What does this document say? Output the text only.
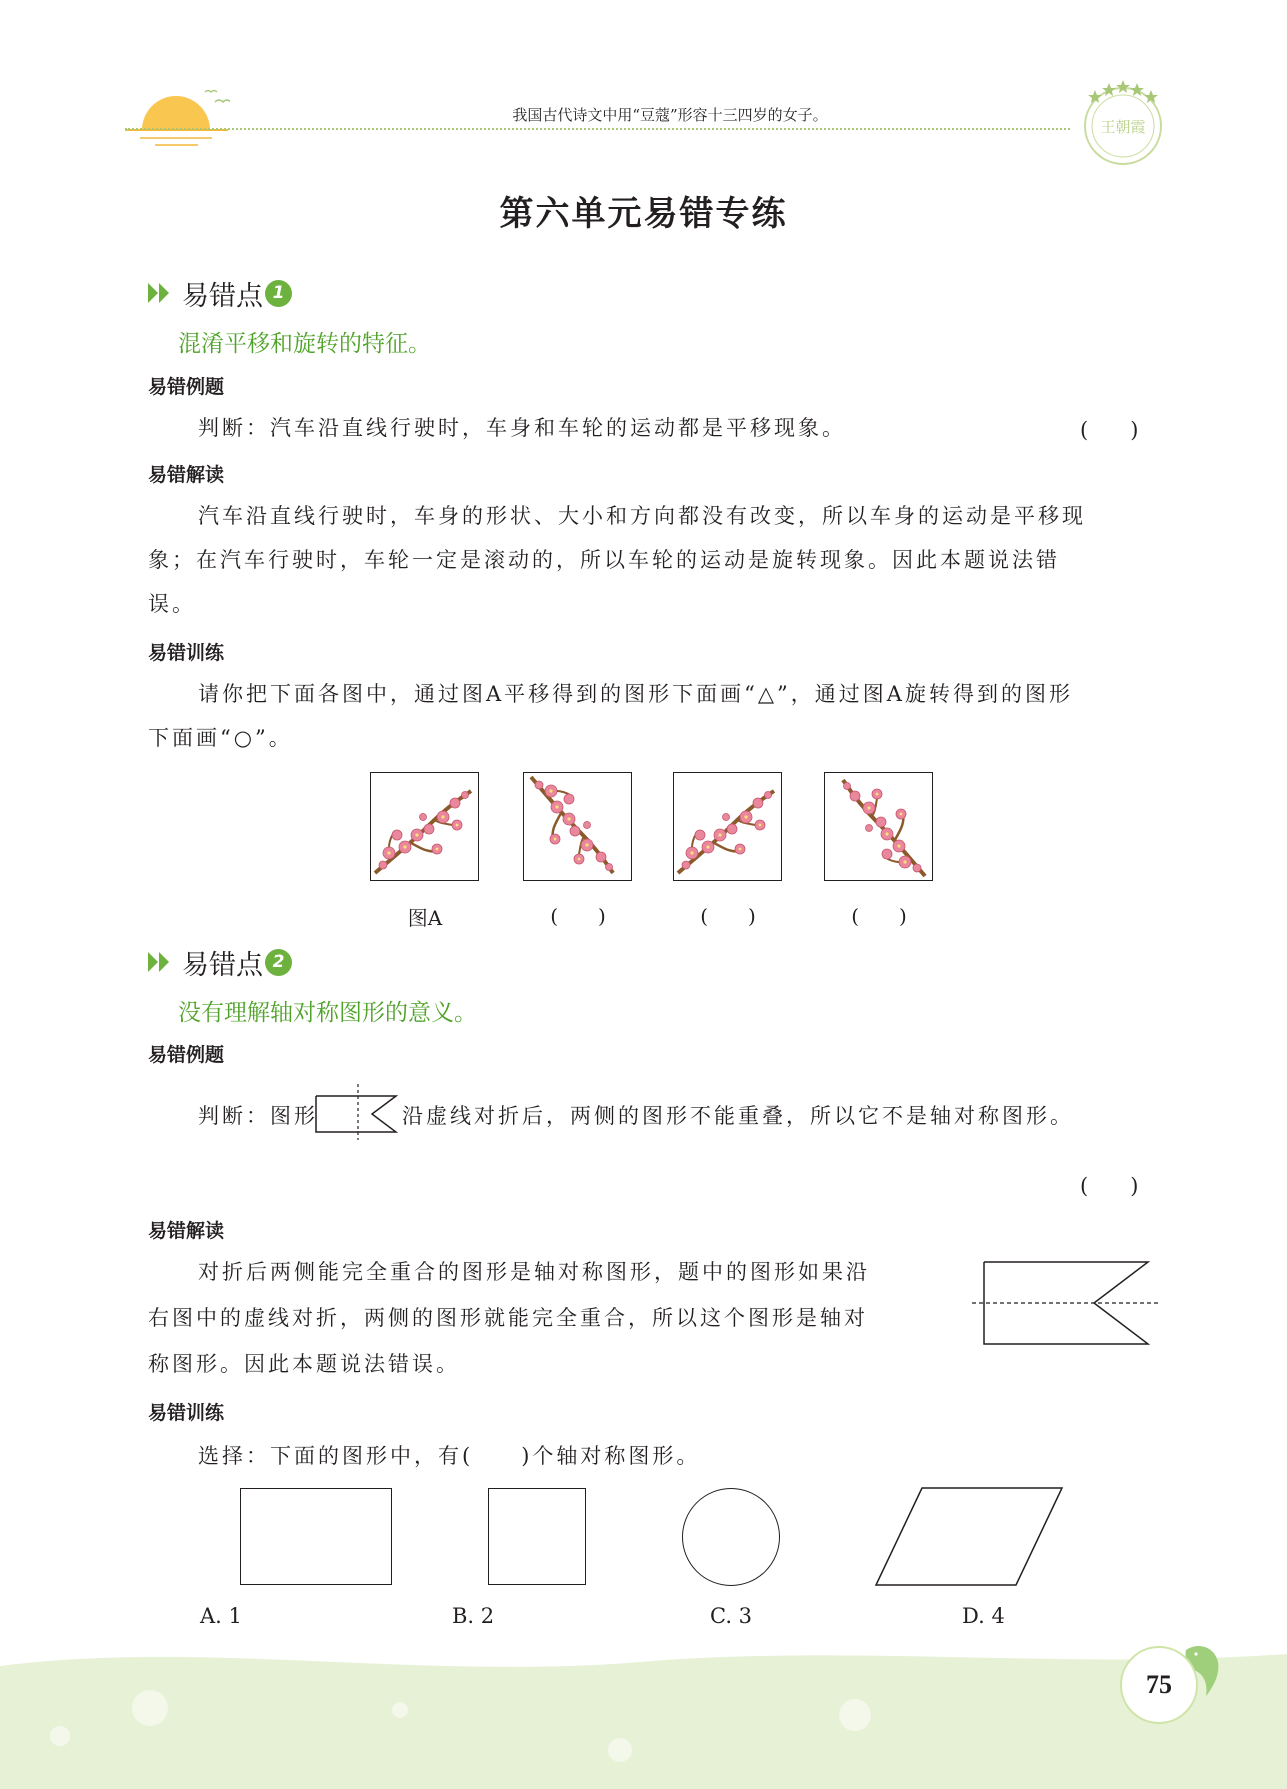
我国古代诗文中用“豆蔻”形容十三四岁的女子。
王朝霞
第六单元易错专练
易错点 1
混淆平移和旋转的特征。
易错例题
判断：汽车沿直线行驶时，车身和车轮的运动都是平移现象。	(　　)
易错解读
汽车沿直线行驶时，车身的形状、大小和方向都没有改变，所以车身的运动是平移现
象；在汽车行驶时，车轮一定是滚动的，所以车轮的运动是旋转现象。因此本题说法错
误。
易错训练
请你把下面各图中，通过图A平移得到的图形下面画“△”，通过图A旋转得到的图形
下面画“○”。
图A	(　　)	(　　)	(　　)
易错点 2
没有理解轴对称图形的意义。
易错例题
判断：图形	沿虚线对折后，两侧的图形不能重叠，所以它不是轴对称图形。
(　　)
易错解读
对折后两侧能完全重合的图形是轴对称图形，题中的图形如果沿
右图中的虚线对折，两侧的图形就能完全重合，所以这个图形是轴对
称图形。因此本题说法错误。
易错训练
选择：下面的图形中，有(　　)个轴对称图形。
A. 1	B. 2	C. 3	D. 4
75
